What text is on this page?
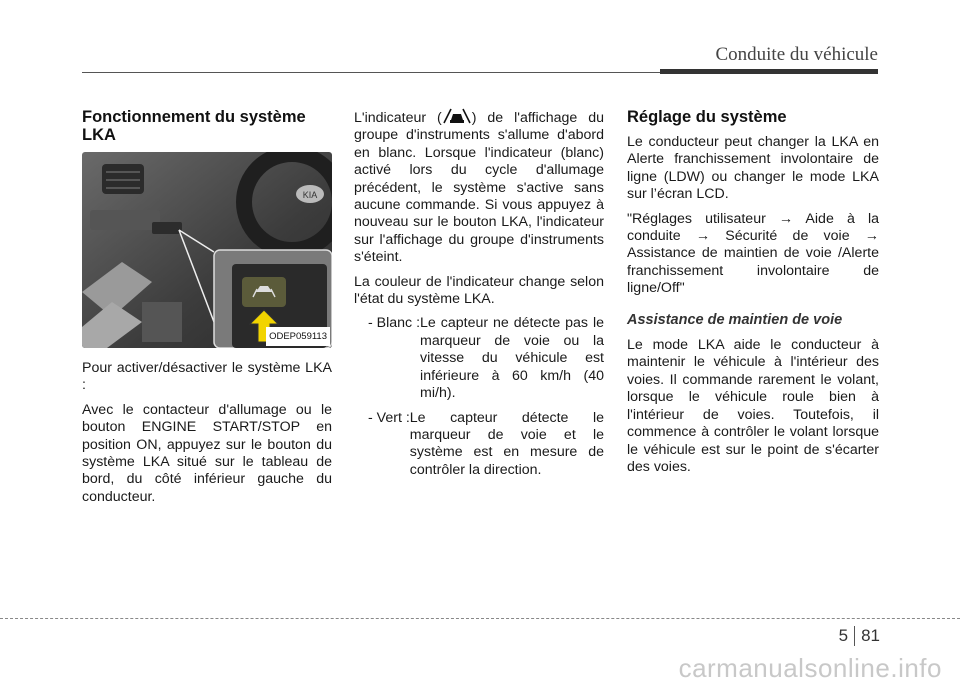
Conduite du véhicule
Fonctionnement du système LKA
KIA
ODEP059113

Pour activer/désactiver le système LKA :

Avec le contacteur d'allumage ou le bouton ENGINE START/STOP en position ON, appuyez sur le bouton du système LKA situé sur le tableau de bord, du côté inférieur gauche du conducteur.

L'indicateur ( ) de l'affichage du groupe d'instruments s'allume d'abord en blanc. Lorsque l'indicateur (blanc) activé lors du cycle d'allumage précédent, le système s'active sans aucune commande. Si vous appuyez à nouveau sur le bouton LKA, l'indicateur sur l'affichage du groupe d'instruments s'éteint.

La couleur de l'indicateur change selon l'état du système LKA.

- Blanc : Le capteur ne détecte pas le marqueur de voie ou la vitesse du véhicule est inférieure à 60 km/h (40 mi/h).
- Vert : Le capteur détecte le marqueur de voie et le système est en mesure de contrôler la direction.
Réglage du système

Le conducteur peut changer la LKA en Alerte franchissement involontaire de ligne (LDW) ou changer le mode LKA sur l’écran LCD.

"Réglages utilisateur → Aide à la conduite → Sécurité de voie → Assistance de maintien de voie /Alerte franchissement involontaire de ligne/Off"

Assistance de maintien de voie

Le mode LKA aide le conducteur à maintenir le véhicule à l'intérieur des voies. Il commande rarement le volant, lorsque le véhicule roule bien à l'intérieur de voies. Toutefois, il commence à contrôler le volant lorsque le véhicule est sur le point de s'écarter des voies.

5 81
carmanualsonline.info
